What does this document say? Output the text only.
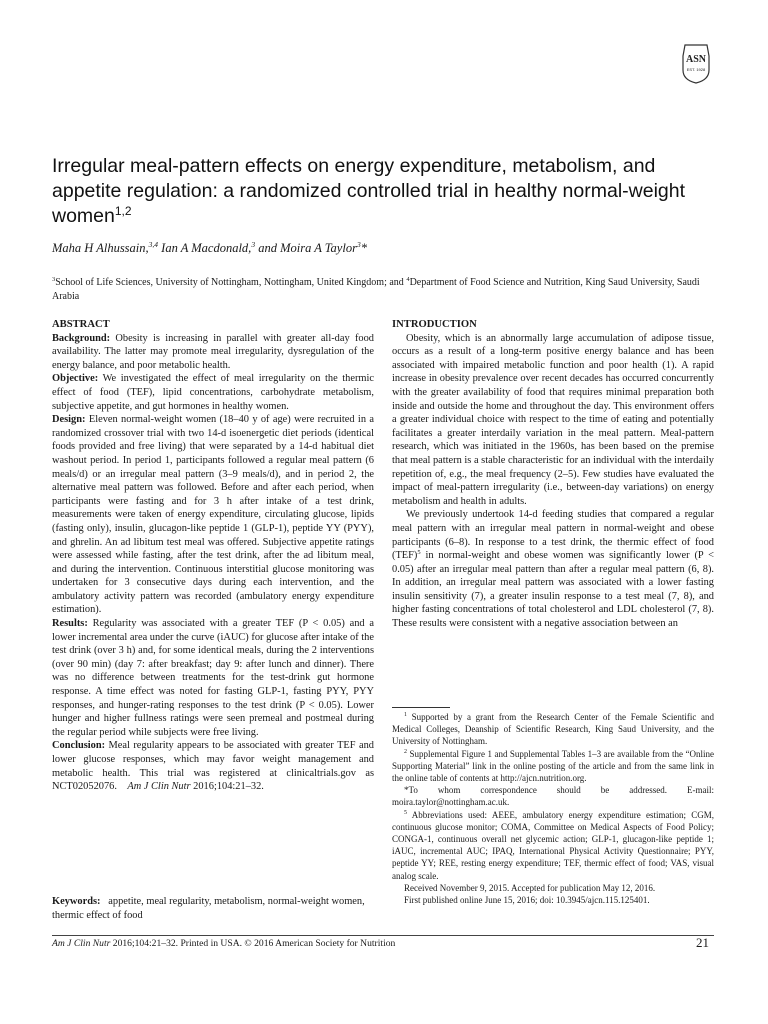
ASN
EST. 1928
Irregular meal-pattern effects on energy expenditure, metabolism, and appetite regulation: a randomized controlled trial in healthy normal-weight women$^{1,2}$
Maha H Alhussain,$^{3,4}$ Ian A Macdonald,$^3$ and Moira A Taylor$^3$*
$^3$School of Life Sciences, University of Nottingham, Nottingham, United Kingdom; and $^4$Department of Food Science and Nutrition, King Saud University, Saudi Arabia

ABSTRACT

Background: Obesity is increasing in parallel with greater all-day food availability. The latter may promote meal irregularity, dysregulation of the energy balance, and poor metabolic health.

Objective: We investigated the effect of meal irregularity on the thermic effect of food (TEF), lipid concentrations, carbohydrate metabolism, subjective appetite, and gut hormones in healthy women.

Design: Eleven normal-weight women (18–40 y of age) were recruited in a randomized crossover trial with two 14-d isoenergetic diet periods (identical foods provided and free living) that were separated by a 14-d habitual diet washout period. In period 1, participants followed a regular meal pattern (6 meals/d) or an irregular meal pattern (3–9 meals/d), and in period 2, the alternative meal pattern was followed. Before and after each period, when participants were fasting and for 3 h after intake of a test drink, measurements were taken of energy expenditure, circulating glucose, lipids (fasting only), insulin, glucagon-like peptide 1 (GLP-1), peptide YY (PYY), and ghrelin. An ad libitum test meal was offered. Subjective appetite ratings were assessed while fasting, after the test drink, after the ad libitum meal, and during the intervention. Continuous interstitial glucose monitoring was undertaken for 3 consecutive days during each intervention, and the ambulatory activity pattern was recorded (ambulatory energy expenditure estimation).

Results: Regularity was associated with a greater TEF (P < 0.05) and a lower incremental area under the curve (iAUC) for glucose after intake of the test drink (over 3 h) and, for some identical meals, during the 2 interventions (over 90 min) (day 7: after breakfast; day 9: after lunch and dinner). There was no difference between treatments for the test-drink gut hormone response. A time effect was noted for fasting GLP-1, fasting PYY, PYY responses, and hunger-rating responses to the test drink (P < 0.05). Lower hunger and higher fullness ratings were seen premeal and postmeal during the regular period while subjects were free living.

Conclusion: Meal regularity appears to be associated with greater TEF and lower glucose responses, which may favor weight management and metabolic health. This trial was registered at clinicaltrials.gov as NCT02052076. Am J Clin Nutr 2016;104:21–32.

Keywords: appetite, meal regularity, metabolism, normal-weight women, thermic effect of food

INTRODUCTION

Obesity, which is an abnormally large accumulation of adipose tissue, occurs as a result of a long-term positive energy balance and has been associated with impaired metabolic function and poor health (1). A rapid increase in obesity prevalence over recent decades has occurred concurrently with the greater availability of food that requires minimal preparation both inside and outside the home and throughout the day. This environment offers a greater individual choice with respect to the time of eating and potentially facilitates a greater interdaily variation in the meal pattern. Meal-pattern research, which was initiated in the 1960s, has been based on the premise that meal pattern is a stable characteristic for an individual with the interdaily repetition of, e.g., the meal frequency (2–5). Few studies have evaluated the impact of meal-pattern irregularity (i.e., between-day variations) on energy metabolism and health in adults.

We previously undertook 14-d feeding studies that compared a regular meal pattern with an irregular meal pattern in normal-weight and obese participants (6–8). In response to a test drink, the thermic effect of food (TEF)$^5$ in normal-weight and obese women was significantly lower (P < 0.05) after an irregular meal pattern than after a regular meal pattern (6, 8). In addition, an irregular meal pattern was associated with a lower fasting insulin sensitivity (7), a greater insulin response to a test meal (7, 8), and higher fasting concentrations of total cholesterol and LDL cholesterol (7, 8). These results were consistent with a negative association between an

$^1$ Supported by a grant from the Research Center of the Female Scientific and Medical Colleges, Deanship of Scientific Research, King Saud University, and the University of Nottingham.

$^2$ Supplemental Figure 1 and Supplemental Tables 1–3 are available from the “Online Supporting Material” link in the online posting of the article and from the same link in the online table of contents at http://ajcn.nutrition.org.

*To whom correspondence should be addressed. E-mail: moira.taylor@nottingham.ac.uk.

$^5$ Abbreviations used: AEEE, ambulatory energy expenditure estimation; CGM, continuous glucose monitor; COMA, Committee on Medical Aspects of Food Policy; CONGA-1, continuous overall net glycemic action; GLP-1, glucagon-like peptide 1; iAUC, incremental AUC; IPAQ, International Physical Activity Questionnaire; PYY, peptide YY; REE, resting energy expenditure; TEF, thermic effect of food; VAS, visual analog scale.

Received November 9, 2015. Accepted for publication May 12, 2016.

First published online June 15, 2016; doi: 10.3945/ajcn.115.125401.

Am J Clin Nutr 2016;104:21–32. Printed in USA. © 2016 American Society for Nutrition	21
